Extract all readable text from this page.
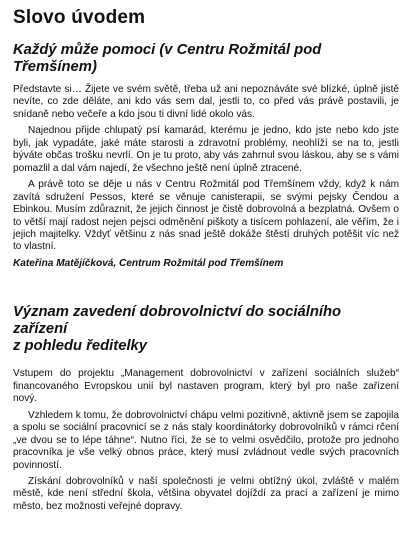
Slovo úvodem
Každý může pomoci (v Centru Rožmitál pod Třemšínem)

Představte si… Žijete ve svém světě, třeba už ani nepoznáváte své blízké, úplně jistě nevíte, co zde děláte, ani kdo vás sem dal, jestli to, co před vás právě postavili, je snídaně nebo večeře a kdo jsou ti divní lidé okolo vás.

Najednou přijde chlupatý psí kamarád, kterému je jedno, kdo jste nebo kdo jste byli, jak vypadáte, jaké máte starosti a zdravotní problémy, neohlíží se na to, jestli býváte občas trošku nevrlí. On je tu proto, aby vás zahrnul svou láskou, aby se s vámi pomazlil a dal vám najedí, že všechno ještě není úplně ztracené.

A právě toto se děje u nás v Centru Rožmitál pod Třemšínem vždy, když k nám zavítá sdružení Pessos, které se věnuje canisterapii, se svými pejsky Čendou a Ebinkou. Musím zdůraznit, že jejich činnost je čistě dobrovolná a bezplatná. Ovšem o to větší mají radost nejen pejsci odměnění piškoty a tisícem pohlazení, ale věřím, že i jejich majitelky. Vždyť většinu z nás snad ještě dokáže štěstí druhých potěšit víc než to vlastní.

Kateřina Matějíčková, Centrum Rožmitál pod Třemšínem
Význam zavedení dobrovolnictví do sociálního zařízení
z pohledu ředitelky

Vstupem do projektu „Management dobrovolnictví v zařízení sociálních služeb“ financovaného Evropskou unií byl nastaven program, který byl pro naše zařízení nový.

Vzhledem k tomu, že dobrovolnictví chápu velmi pozitivně, aktivně jsem se zapojila a spolu se sociální pracovnicí se z nás staly koordinátorky dobrovolníků v rámci rčení „ve dvou se to lépe táhne“. Nutno říci, že se to velmi osvědčilo, protože pro jednoho pracovníka je vše velký obnos práce, který musí zvládnout vedle svých pracovních povinností.

Získání dobrovolníků v naší společnosti je velmi obtížný úkol, zvláště v malém městě, kde není střední škola, většina obyvatel dojíždí za prací a zařízení je mimo město, bez možnosti veřejné dopravy.
